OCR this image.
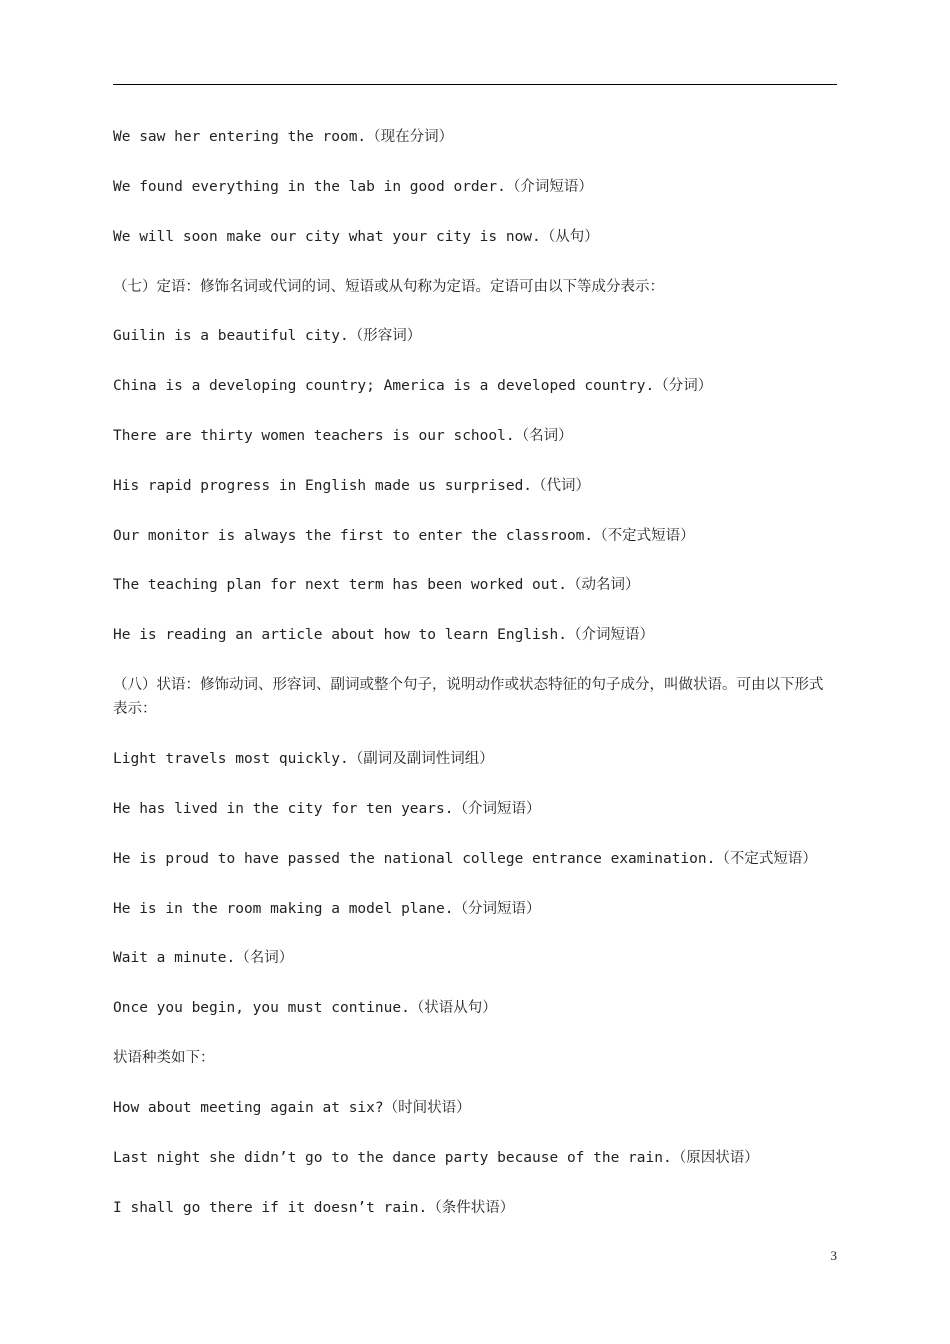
We saw her entering the room.（现在分词）
We found everything in the lab in good order.（介词短语）
We will soon make our city what your city is now.（从句）
（七）定语：修饰名词或代词的词、短语或从句称为定语。定语可由以下等成分表示：
Guilin is a beautiful city.（形容词）
China is a developing country; America is a developed country.（分词）
There are thirty women teachers is our school.（名词）
His rapid progress in English made us surprised.（代词）
Our monitor is always the first to enter the classroom.（不定式短语）
The teaching plan for next term has been worked out.（动名词）
He is reading an article about how to learn English.（介词短语）
（八）状语：修饰动词、形容词、副词或整个句子，说明动作或状态特征的句子成分，叫做状语。可由以下形式表示：
Light travels most quickly.（副词及副词性词组）
He has lived in the city for ten years.（介词短语）
He is proud to have passed the national college entrance examination.（不定式短语）
He is in the room making a model plane.（分词短语）
Wait a minute.（名词）
Once you begin, you must continue.（状语从句）
状语种类如下：
How about meeting again at six?（时间状语）
Last night she didn’t go to the dance party because of the rain.（原因状语）
I shall go there if it doesn’t rain.（条件状语）
3
